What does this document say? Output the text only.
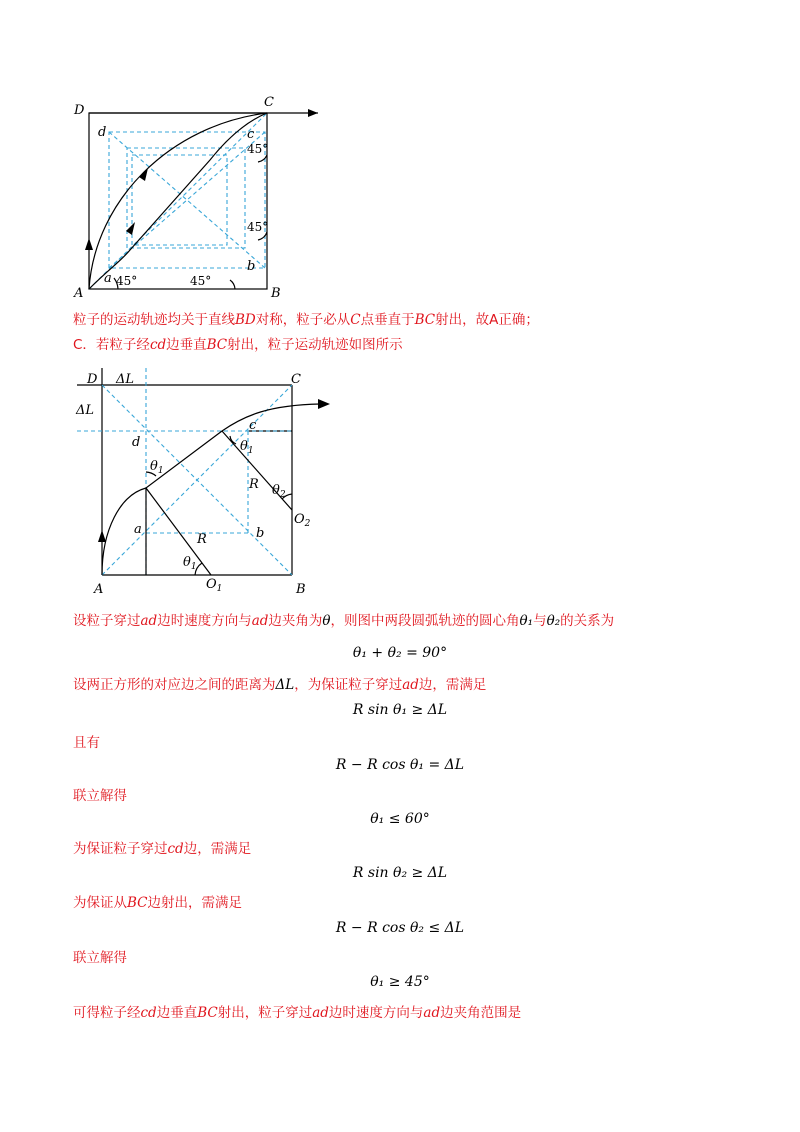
D
C
A	B
d	c
a
b
45°	45°
45°
45°
粒子的运动轨迹均关于直线BD对称，粒子必从C点垂直于BC射出，故A正确；
C．若粒子经cd边垂直BC射出，粒子运动轨迹如图所示
D ΔL	C
ΔL
d
c
a	b
A	B
R
R
$O_1$
$O_2$
$\theta_1$
$\theta_1$
$\theta_1$
$\theta_2$
设粒子穿过ad边时速度方向与ad边夹角为θ，则图中两段圆弧轨迹的圆心角θ₁与θ₂的关系为
θ₁ + θ₂ = 90°
设两正方形的对应边之间的距离为ΔL，为保证粒子穿过ad边，需满足
R sin θ₁ ≥ ΔL
且有
R − R cos θ₁ = ΔL
联立解得
θ₁ ≤ 60°
为保证粒子穿过cd边，需满足
R sin θ₂ ≥ ΔL
为保证从BC边射出，需满足
R − R cos θ₂ ≤ ΔL
联立解得
θ₁ ≥ 45°
可得粒子经cd边垂直BC射出，粒子穿过ad边时速度方向与ad边夹角范围是
